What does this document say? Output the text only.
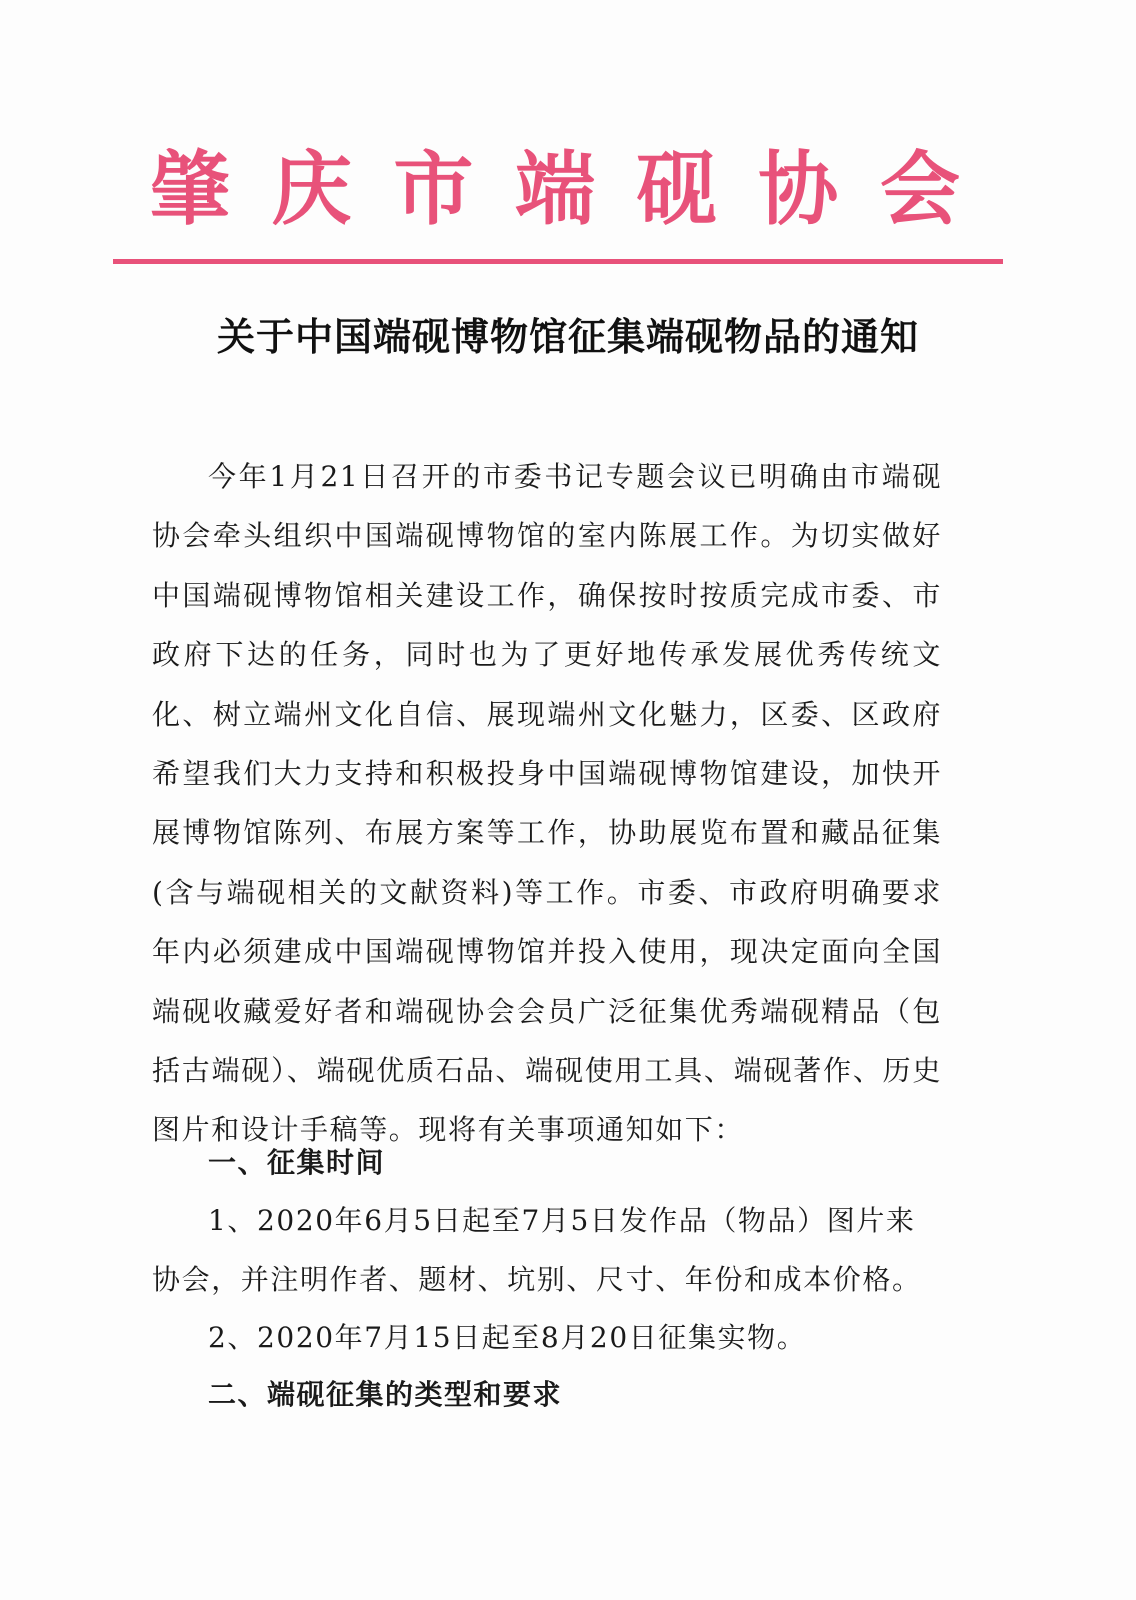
肇 庆 市 端 砚 协 会
关于中国端砚博物馆征集端砚物品的通知

今年1月21日召开的市委书记专题会议已明确由市端砚协会牵头组织中国端砚博物馆的室内陈展工作。为切实做好中国端砚博物馆相关建设工作，确保按时按质完成市委、市政府下达的任务，同时也为了更好地传承发展优秀传统文化、树立端州文化自信、展现端州文化魅力，区委、区政府希望我们大力支持和积极投身中国端砚博物馆建设，加快开展博物馆陈列、布展方案等工作，协助展览布置和藏品征集(含与端砚相关的文献资料)等工作。市委、市政府明确要求年内必须建成中国端砚博物馆并投入使用，现决定面向全国端砚收藏爱好者和端砚协会会员广泛征集优秀端砚精品（包括古端砚）、端砚优质石品、端砚使用工具、端砚著作、历史图片和设计手稿等。现将有关事项通知如下：

一、征集时间

1、2020年6月5日起至7月5日发作品（物品）图片来协会，并注明作者、题材、坑别、尺寸、年份和成本价格。

2、2020年7月15日起至8月20日征集实物。

二、端砚征集的类型和要求
